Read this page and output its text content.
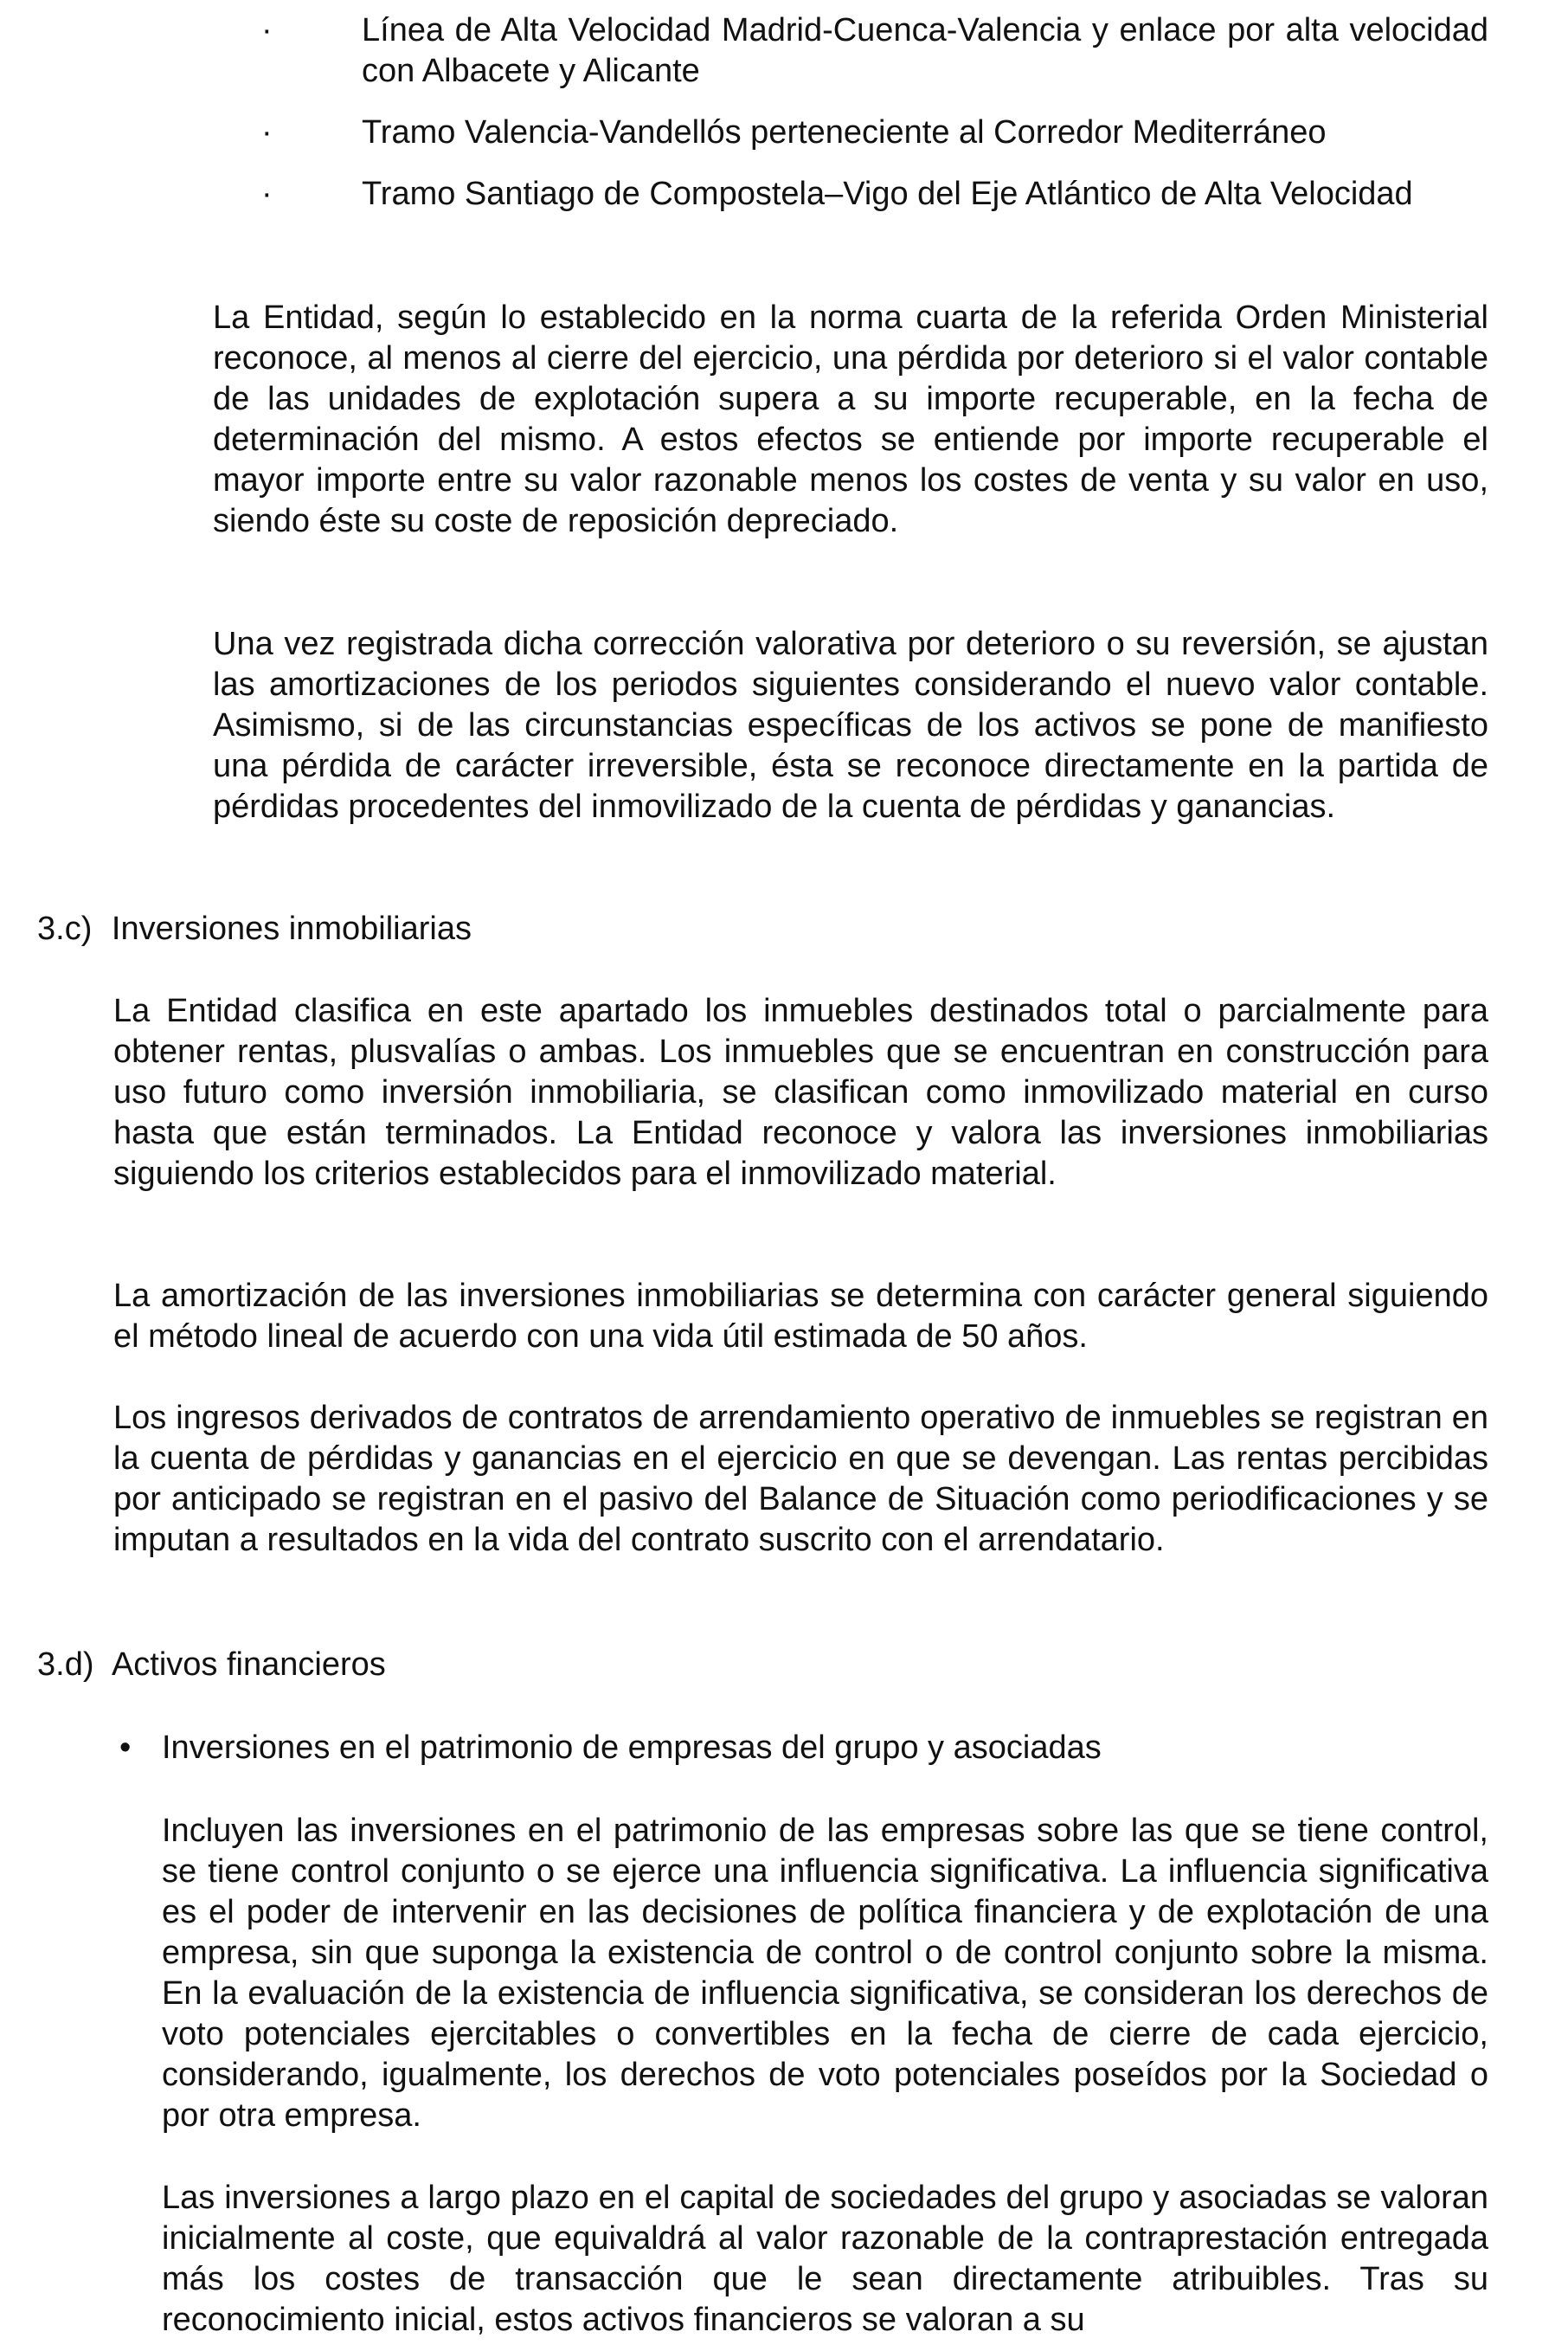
·	Línea de Alta Velocidad Madrid-Cuenca-Valencia y enlace por alta velocidad con Albacete y Alicante
·	Tramo Valencia-Vandellós perteneciente al Corredor Mediterráneo
·	Tramo Santiago de Compostela–Vigo del Eje Atlántico de Alta Velocidad

La Entidad, según lo establecido en la norma cuarta de la referida Orden Ministerial reconoce, al menos al cierre del ejercicio, una pérdida por deterioro si el valor contable de las unidades de explotación supera a su importe recuperable, en la fecha de determinación del mismo. A estos efectos se entiende por importe recuperable el mayor importe entre su valor razonable menos los costes de venta y su valor en uso, siendo éste su coste de reposición depreciado.

Una vez registrada dicha corrección valorativa por deterioro o su reversión, se ajustan las amortizaciones de los periodos siguientes considerando el nuevo valor contable. Asimismo, si de las circunstancias específicas de los activos se pone de manifiesto una pérdida de carácter irreversible, ésta se reconoce directamente en la partida de pérdidas procedentes del inmovilizado de la cuenta de pérdidas y ganancias.

3.c) Inversiones inmobiliarias

La Entidad clasifica en este apartado los inmuebles destinados total o parcialmente para obtener rentas, plusvalías o ambas. Los inmuebles que se encuentran en construcción para uso futuro como inversión inmobiliaria, se clasifican como inmovilizado material en curso hasta que están terminados. La Entidad reconoce y valora las inversiones inmobiliarias siguiendo los criterios establecidos para el inmovilizado material.

La amortización de las inversiones inmobiliarias se determina con carácter general siguiendo el método lineal de acuerdo con una vida útil estimada de 50 años.

Los ingresos derivados de contratos de arrendamiento operativo de inmuebles se registran en la cuenta de pérdidas y ganancias en el ejercicio en que se devengan. Las rentas percibidas por anticipado se registran en el pasivo del Balance de Situación como periodificaciones y se imputan a resultados en la vida del contrato suscrito con el arrendatario.

3.d) Activos financieros
• Inversiones en el patrimonio de empresas del grupo y asociadas

Incluyen las inversiones en el patrimonio de las empresas sobre las que se tiene control, se tiene control conjunto o se ejerce una influencia significativa. La influencia significativa es el poder de intervenir en las decisiones de política financiera y de explotación de una empresa, sin que suponga la existencia de control o de control conjunto sobre la misma. En la evaluación de la existencia de influencia significativa, se consideran los derechos de voto potenciales ejercitables o convertibles en la fecha de cierre de cada ejercicio, considerando, igualmente, los derechos de voto potenciales poseídos por la Sociedad o por otra empresa.

Las inversiones a largo plazo en el capital de sociedades del grupo y asociadas se valoran inicialmente al coste, que equivaldrá al valor razonable de la contraprestación entregada más los costes de transacción que le sean directamente atribuibles. Tras su reconocimiento inicial, estos activos financieros se valoran a su
